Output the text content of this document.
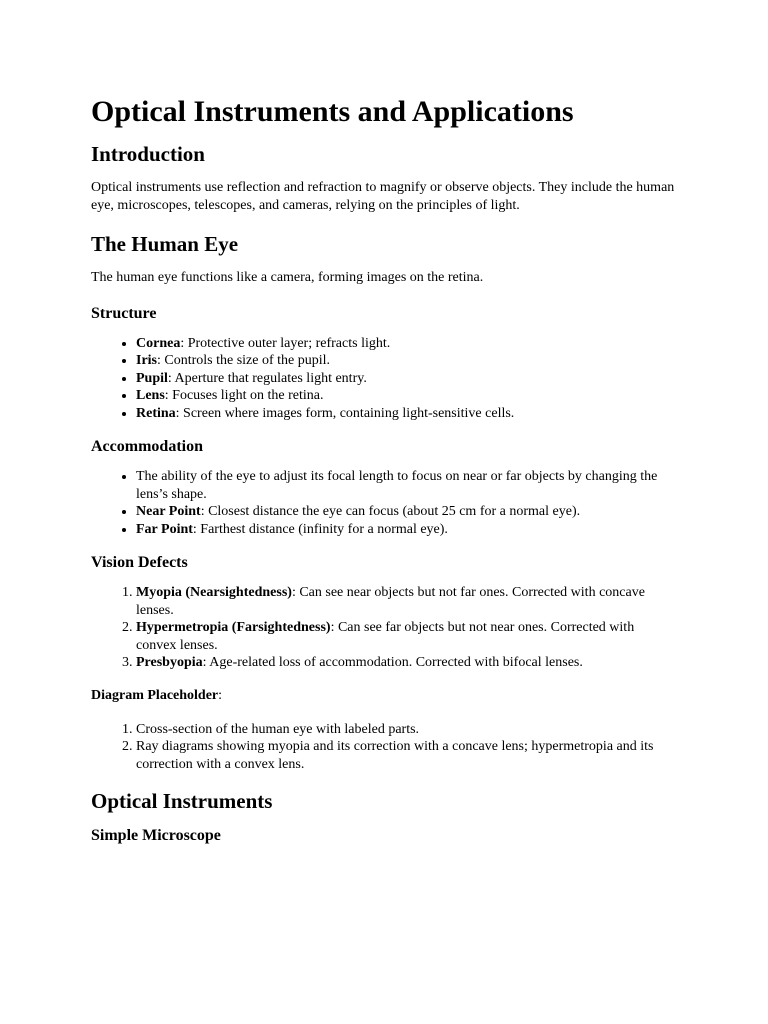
Optical Instruments and Applications
Introduction

Optical instruments use reflection and refraction to magnify or observe objects. They include the human eye, microscopes, telescopes, and cameras, relying on the principles of light.

The Human Eye

The human eye functions like a camera, forming images on the retina.

Structure
• Cornea: Protective outer layer; refracts light.
• Iris: Controls the size of the pupil.
• Pupil: Aperture that regulates light entry.
• Lens: Focuses light on the retina.
• Retina: Screen where images form, containing light-sensitive cells.
Accommodation
• The ability of the eye to adjust its focal length to focus on near or far objects by changing the lens’s shape.
• Near Point: Closest distance the eye can focus (about 25 cm for a normal eye).
• Far Point: Farthest distance (infinity for a normal eye).
Vision Defects
1. Myopia (Nearsightedness): Can see near objects but not far ones. Corrected with concave lenses.
2. Hypermetropia (Farsightedness): Can see far objects but not near ones. Corrected with convex lenses.
3. Presbyopia: Age-related loss of accommodation. Corrected with bifocal lenses.
Diagram Placeholder:
1. Cross-section of the human eye with labeled parts.
2. Ray diagrams showing myopia and its correction with a concave lens; hypermetropia and its correction with a convex lens.
Optical Instruments
Simple Microscope
